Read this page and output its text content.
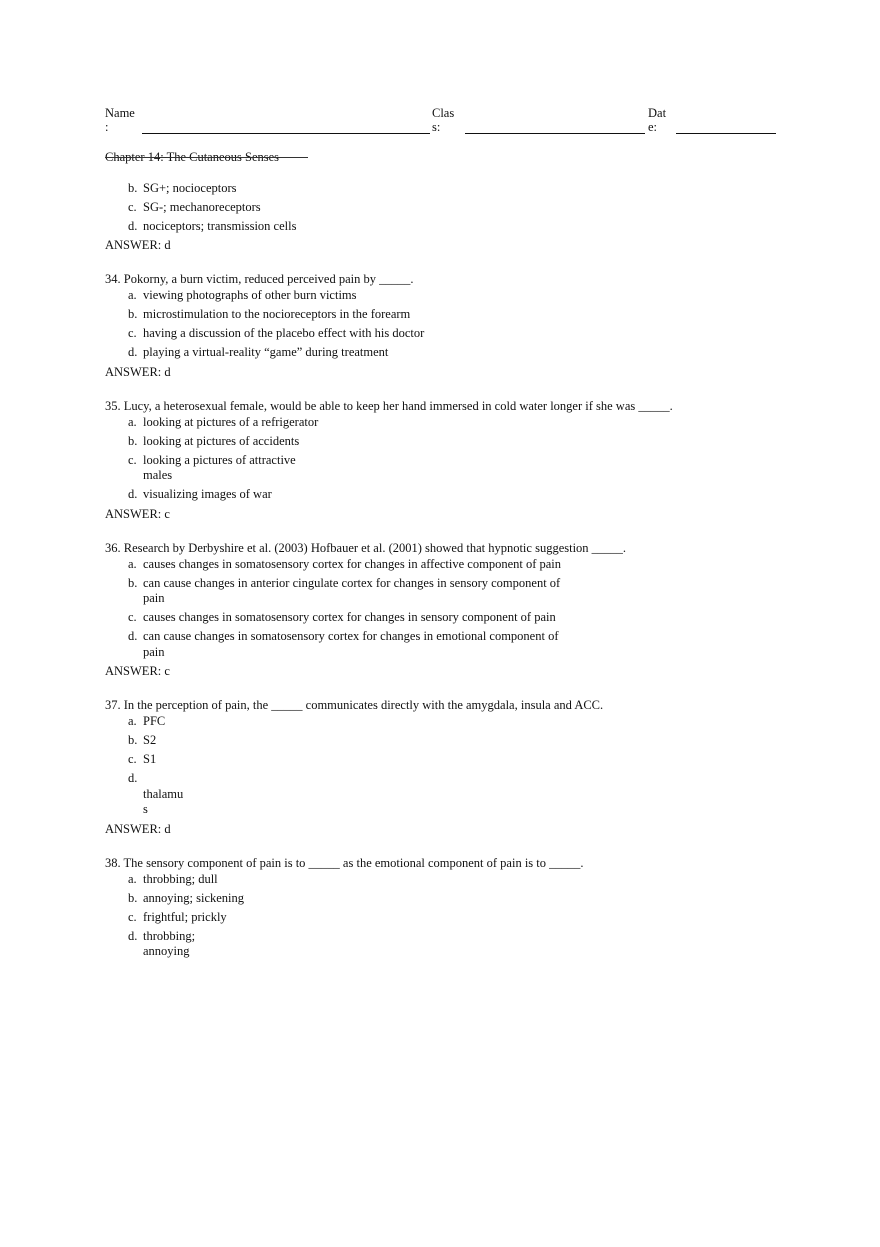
Name
:
Clas
s:
Dat
e:
Chapter 14: The Cutaneous Senses
b. SG+; nocioceptors
c. SG-; mechanoreceptors
d. nociceptors; transmission cells
ANSWER: d
34. Pokorny, a burn victim, reduced perceived pain by _____.
a. viewing photographs of other burn victims
b. microstimulation to the nocioreceptors in the forearm
c. having a discussion of the placebo effect with his doctor
d. playing a virtual-reality “game” during treatment
ANSWER: d
35. Lucy, a heterosexual female, would be able to keep her hand immersed in cold water longer if she was _____.
a. looking at pictures of a refrigerator
b. looking at pictures of accidents
c. looking a pictures of attractive
males
d. visualizing images of war
ANSWER: c
36. Research by Derbyshire et al. (2003) Hofbauer et al. (2001) showed that hypnotic suggestion _____.
a. causes changes in somatosensory cortex for changes in affective component of pain
b. can cause changes in anterior cingulate cortex for changes in sensory component of
pain
c. causes changes in somatosensory cortex for changes in sensory component of pain
d. can cause changes in somatosensory cortex for changes in emotional component of
pain
ANSWER: c
37. In the perception of pain, the _____ communicates directly with the amygdala, insula and ACC.
a. PFC
b. S2
c. S1
d.

thalamu
s
ANSWER: d
38. The sensory component of pain is to _____ as the emotional component of pain is to _____.
a. throbbing; dull
b. annoying; sickening
c. frightful; prickly
d. throbbing;
annoying
